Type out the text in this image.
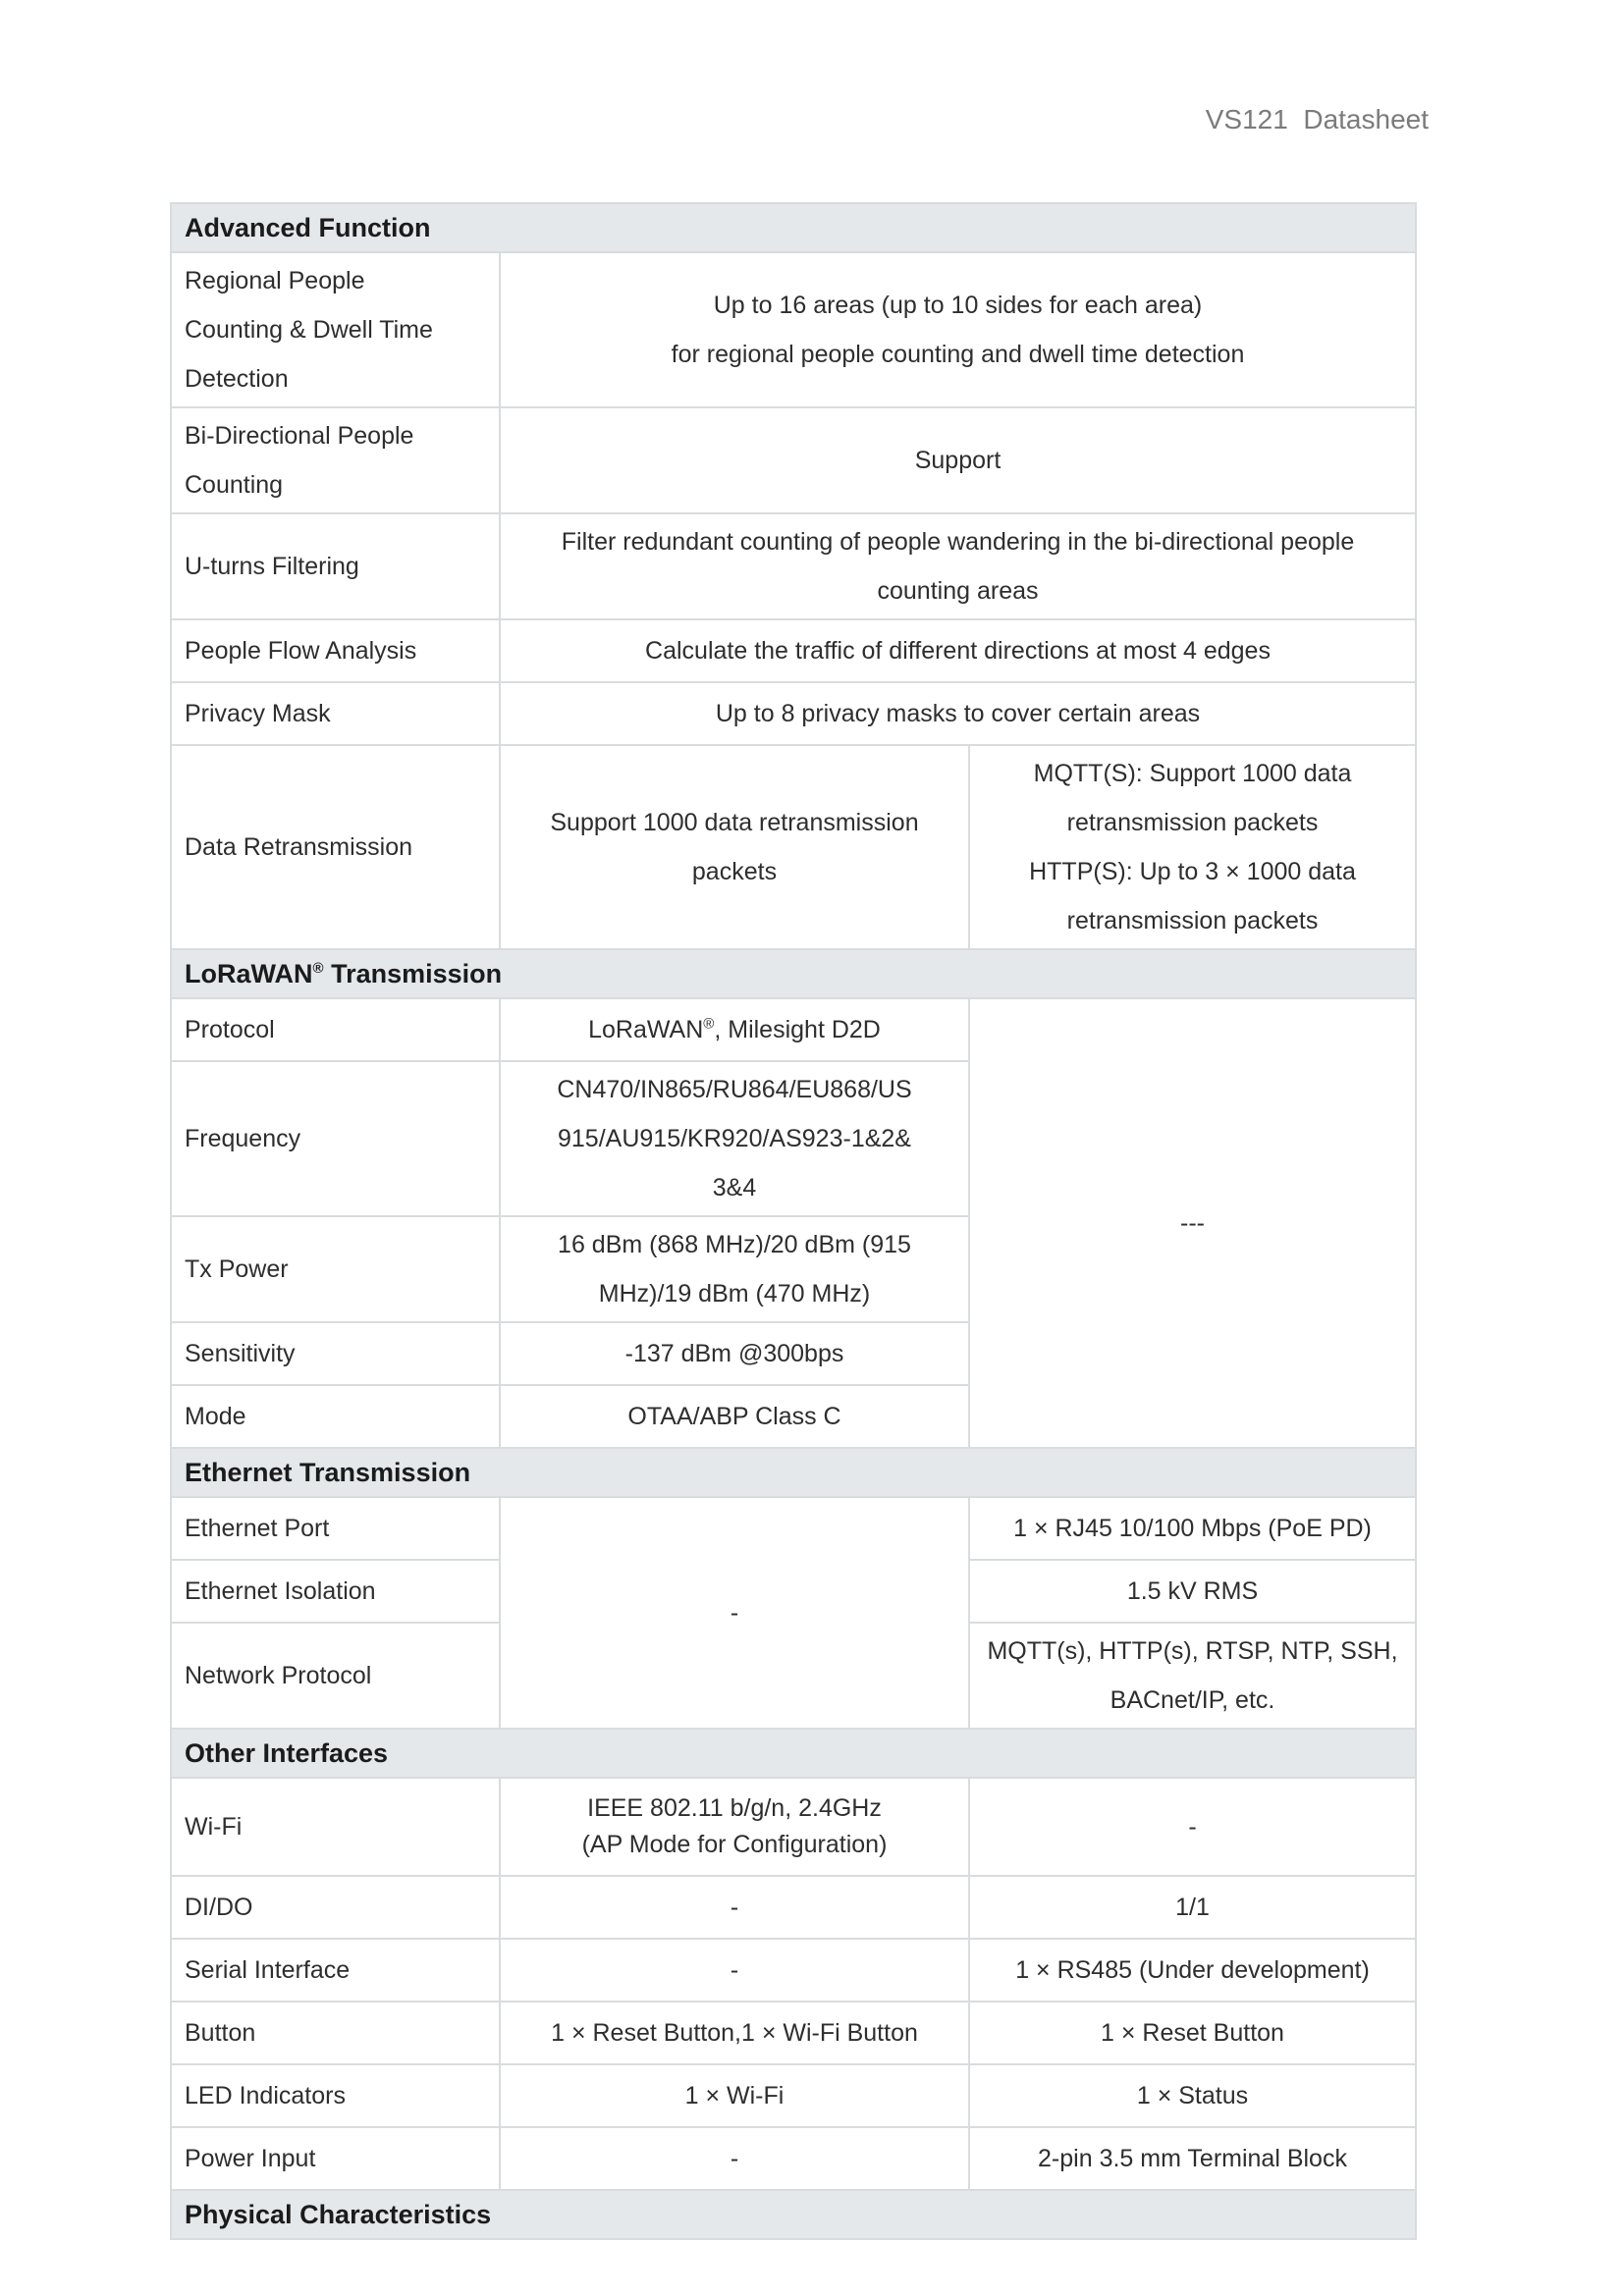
VS121  Datasheet
Advanced Function		

Regional People
Counting & Dwell Time
Detection	Up to 16 areas (up to 10 sides for each area)
for regional people counting and dwell time detection	

Bi-Directional People Counting	Support	
U-turns Filtering	Filter redundant counting of people wandering in the bi-directional people counting areas	
People Flow Analysis	Calculate the traffic of different directions at most 4 edges	
Privacy Mask	Up to 8 privacy masks to cover certain areas	
Data Retransmission	Support 1000 data retransmission packets	MQTT(S): Support 1000 data retransmission packets
HTTP(S): Up to 3 × 1000 data retransmission packets

LoRaWAN® Transmission		
Protocol	LoRaWAN®, Milesight D2D	---
Frequency	CN470/IN865/RU864/EU868/US
915/AU915/KR920/AS923-1&2&
3&4	

Tx Power	16 dBm (868 MHz)/20 dBm (915
MHz)/19 dBm (470 MHz)	

Sensitivity	-137 dBm @300bps	
Mode	OTAA/ABP Class C	
Ethernet Transmission		
Ethernet Port	-	1 × RJ45 10/100 Mbps (PoE PD)
Ethernet Isolation		1.5 kV RMS
Network Protocol		MQTT(s), HTTP(s), RTSP, NTP, SSH, BACnet/IP, etc.
Other Interfaces		
Wi-Fi	IEEE 802.11 b/g/n, 2.4GHz
(AP Mode for Configuration)	-
DI/DO	-	1/1
Serial Interface	-	1 × RS485 (Under development)
Button	1 × Reset Button,1 × Wi-Fi Button	1 × Reset Button
LED Indicators	1 × Wi-Fi	1 × Status
Power Input	-	2-pin 3.5 mm Terminal Block
Physical Characteristics		
